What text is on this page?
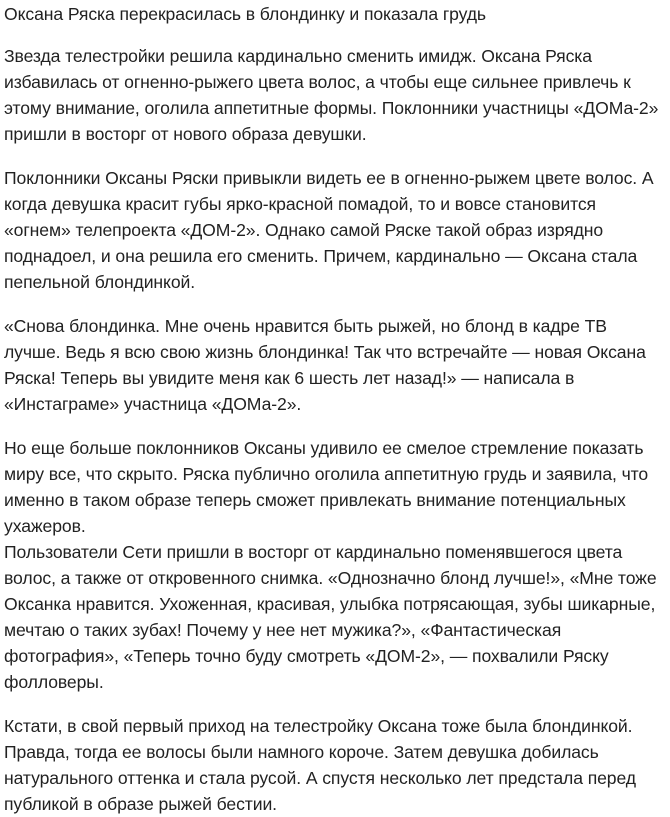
Оксана Ряска перекрасилась в блондинку и показала грудь

Звезда телестройки решила кардинально сменить имидж. Оксана Ряска избавилась от огненно-рыжего цвета волос, а чтобы еще сильнее привлечь к этому внимание, оголила аппетитные формы. Поклонники участницы «ДОМа-2» пришли в восторг от нового образа девушки.

Поклонники Оксаны Ряски привыкли видеть ее в огненно-рыжем цвете волос. А когда девушка красит губы ярко-красной помадой, то и вовсе становится «огнем» телепроекта «ДОМ-2». Однако самой Ряске такой образ изрядно поднадоел, и она решила его сменить. Причем, кардинально — Оксана стала пепельной блондинкой.

«Снова блондинка. Мне очень нравится быть рыжей, но блонд в кадре ТВ лучше. Ведь я всю свою жизнь блондинка! Так что встречайте — новая Оксана Ряска! Теперь вы увидите меня как 6 шесть лет назад!» — написала в «Инстаграме» участница «ДОМа-2».

Но еще больше поклонников Оксаны удивило ее смелое стремление показать миру все, что скрыто. Ряска публично оголила аппетитную грудь и заявила, что именно в таком образе теперь сможет привлекать внимание потенциальных ухажеров.

Пользователи Сети пришли в восторг от кардинально поменявшегося цвета волос, а также от откровенного снимка. «Однозначно блонд лучше!», «Мне тоже Оксанка нравится. Ухоженная, красивая, улыбка потрясающая, зубы шикарные, мечтаю о таких зубах! Почему у нее нет мужика?», «Фантастическая фотография», «Теперь точно буду смотреть «ДОМ-2», — похвалили Ряску фолловеры.

Кстати, в свой первый приход на телестройку Оксана тоже была блондинкой. Правда, тогда ее волосы были намного короче. Затем девушка добилась натурального оттенка и стала русой. А спустя несколько лет предстала перед публикой в образе рыжей бестии.
